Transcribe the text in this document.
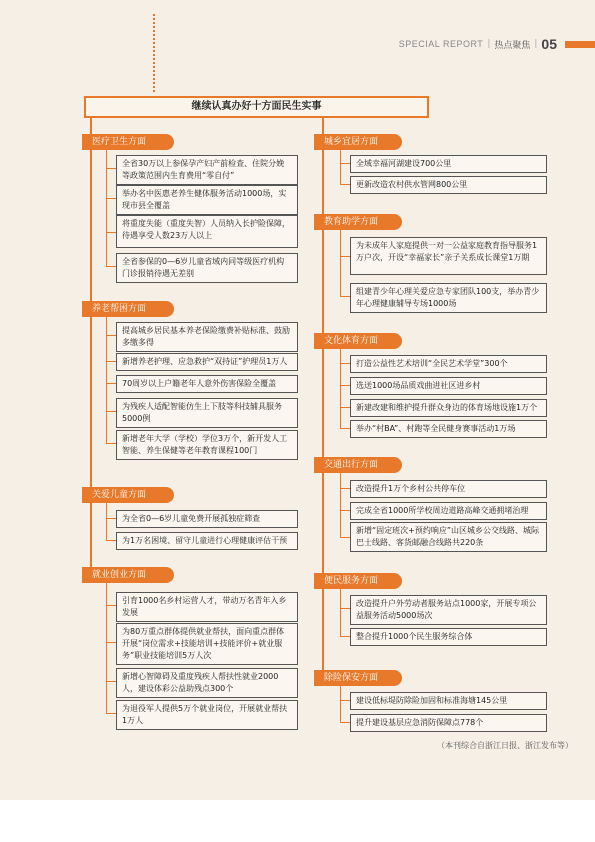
SPECIAL REPORT | 热点聚焦 | 05
继续认真办好十方面民生实事
医疗卫生方面
全省30万以上参保孕产妇产前检查、住院分娩等政策范围内生育费用“零自付”
举办名中医惠老养生健体服务活动1000场，实现市县全覆盖
将重度失能（重度失智）人员纳入长护险保障，待遇享受人数23万人以上
全省参保的0—6岁儿童省域内同等级医疗机构门诊报销待遇无差别
养老帮困方面
提高城乡居民基本养老保险缴费补贴标准、鼓励多缴多得
新增养老护理、应急救护“双持证”护理员1万人
70周岁以上户籍老年人意外伤害保险全覆盖
为残疾人适配智能仿生上下肢等科技辅具服务5000例
新增老年大学（学校）学位3万个，新开发人工智能、养生保健等老年教育课程100门
关爱儿童方面
为全省0—6岁儿童免费开展孤独症筛查
为1万名困境、留守儿童进行心理健康评估干预
就业创业方面
引育1000名乡村运营人才，带动万名青年入乡发展
为80万重点群体提供就业帮扶，面向重点群体开展“岗位需求+技能培训+技能评价+就业服务”职业技能培训5万人次
新增心智障碍及重度残疾人帮扶性就业2000人，建设体彩公益助残点300个
为退役军人提供5万个就业岗位，开展就业帮扶1万人
城乡宜居方面
全域幸福河湖建设700公里
更新改造农村供水管网800公里
教育助学方面
为未成年人家庭提供一对一公益家庭教育指导服务1万户次，开设“幸福家长”亲子关系成长课堂1万期
组建青少年心理关爱应急专家团队100支，举办青少年心理健康辅导专场1000场
文化体育方面
打造公益性艺术培训“全民艺术学堂”300个
选送1000场品质戏曲进社区进乡村
新建改建和维护提升群众身边的体育场地设施1万个
举办“村BA”、村跑等全民健身赛事活动1万场
交通出行方面
改造提升1万个乡村公共停车位
完成全省1000所学校周边道路高峰交通拥堵治理
新增“固定班次+预约响应”山区城乡公交线路、城际巴士线路、客货邮融合线路共220条
便民服务方面
改造提升户外劳动者服务站点1000家，开展专项公益服务活动5000场次
整合提升1000个民生服务综合体
除险保安方面
建设低标堤防除险加固和标准海塘145公里
提升建设基层应急消防保障点778个
（本刊综合自浙江日报、浙江发布等）
